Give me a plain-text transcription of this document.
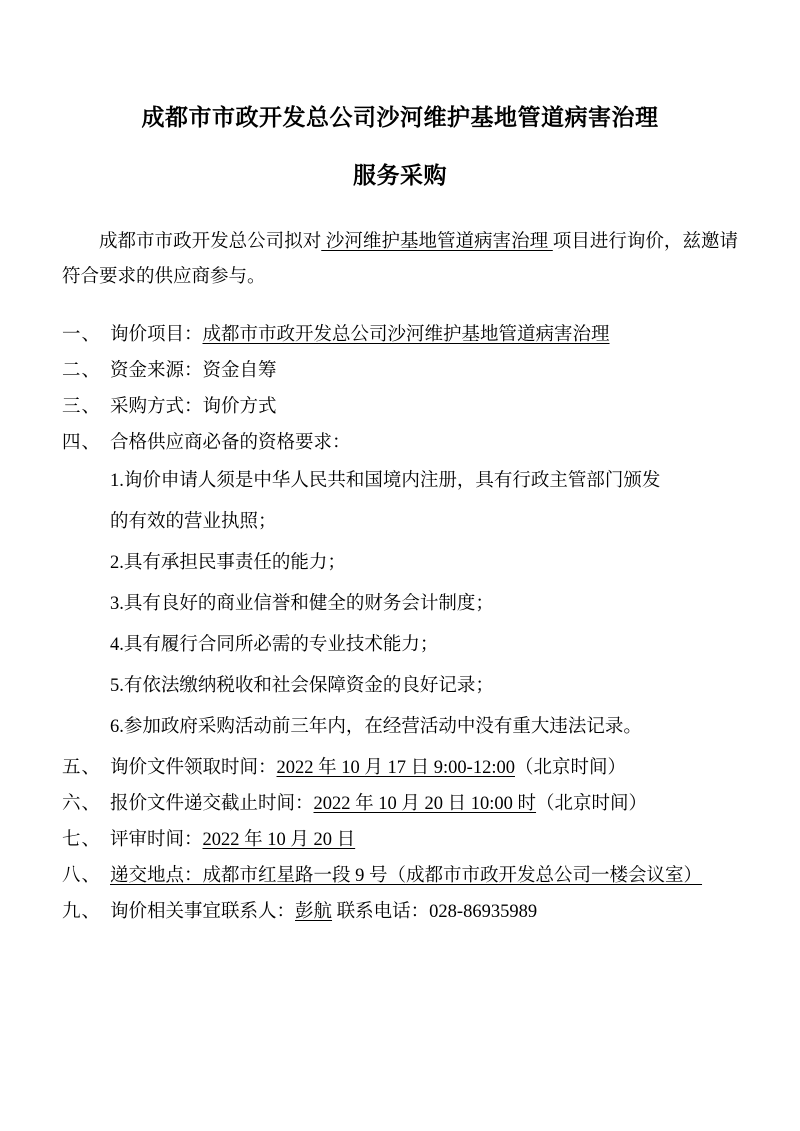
成都市市政开发总公司沙河维护基地管道病害治理
服务采购

成都市市政开发总公司拟对 沙河维护基地管道病害治理 项目进行询价，兹邀请符合要求的供应商参与。

一、 询价项目：成都市市政开发总公司沙河维护基地管道病害治理
二、 资金来源：资金自筹
三、 采购方式：询价方式
四、 合格供应商必备的资格要求：
1.询价申请人须是中华人民共和国境内注册，具有行政主管部门颁发
的有效的营业执照；
2.具有承担民事责任的能力；
3.具有良好的商业信誉和健全的财务会计制度；
4.具有履行合同所必需的专业技术能力；
5.有依法缴纳税收和社会保障资金的良好记录；
6.参加政府采购活动前三年内，在经营活动中没有重大违法记录。
五、 询价文件领取时间：2022 年 10 月 17 日 9:00-12:00（北京时间）
六、 报价文件递交截止时间：2022 年 10 月 20 日 10:00 时（北京时间）
七、 评审时间：2022 年 10 月 20 日
八、 递交地点：成都市红星路一段 9 号（成都市市政开发总公司一楼会议室）
九、 询价相关事宜联系人：彭航 联系电话：028-86935989
